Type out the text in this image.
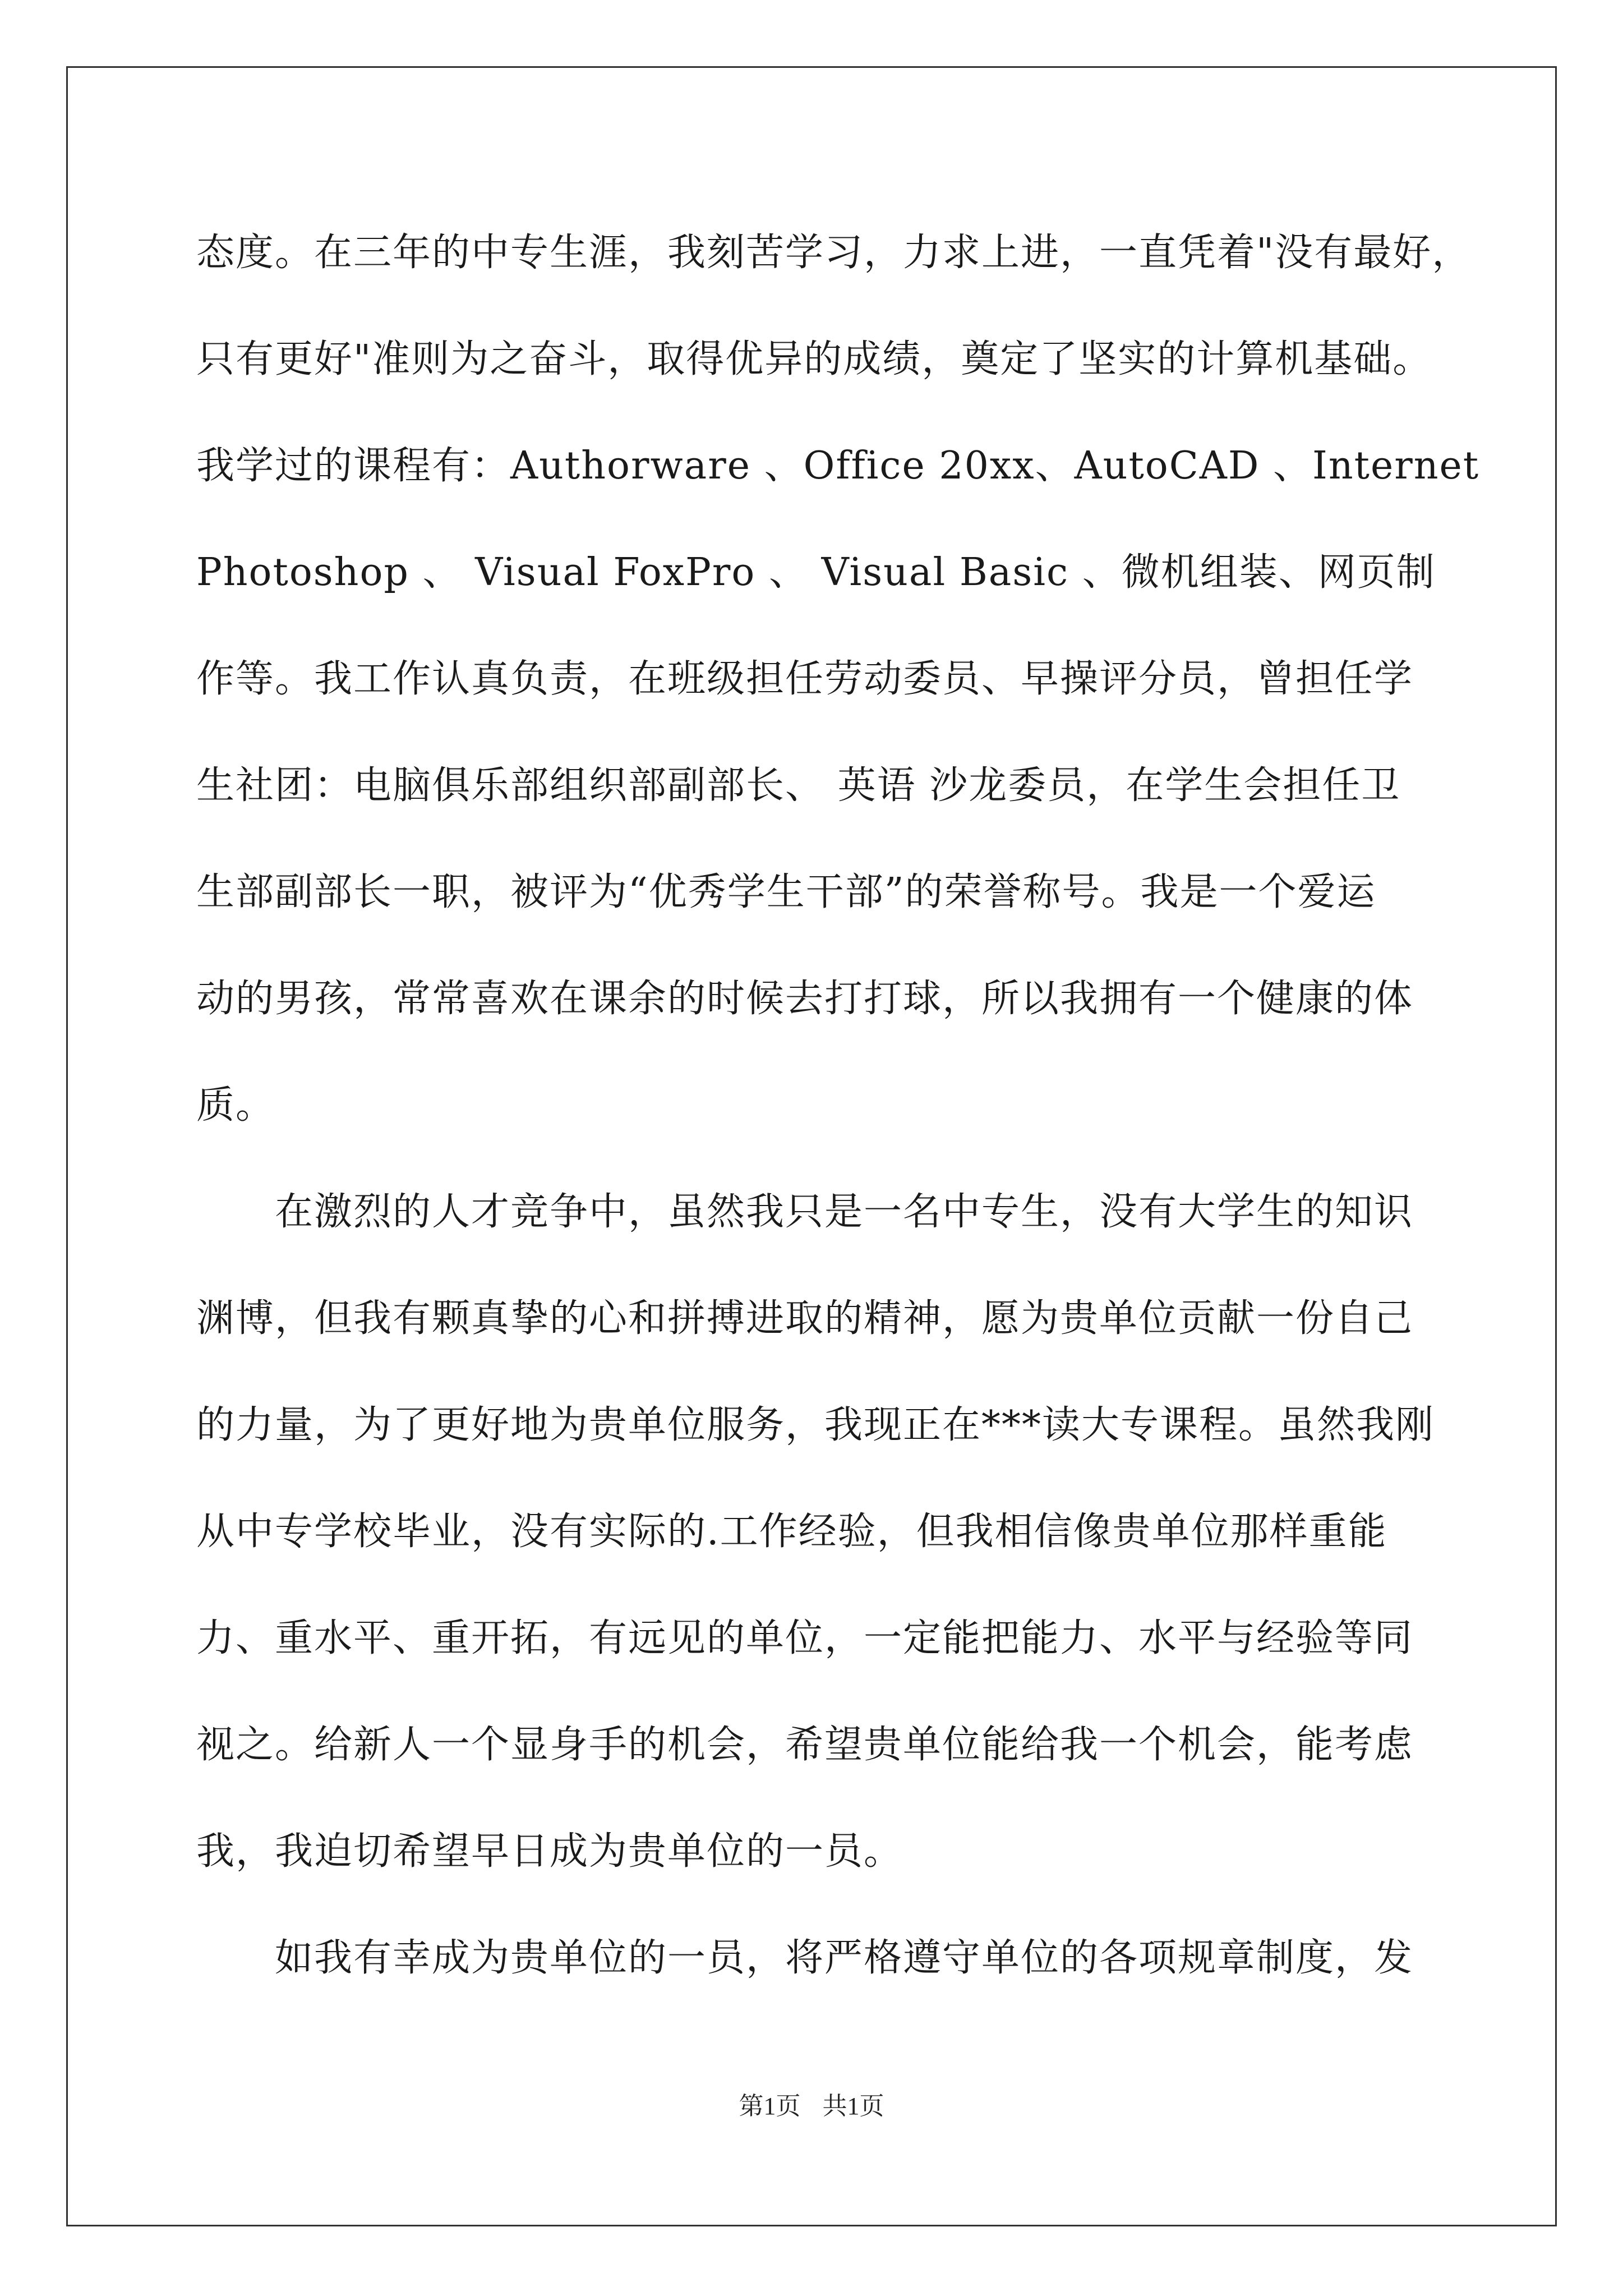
态度。在三年的中专生涯，我刻苦学习，力求上进，一直凭着"没有最好，
只有更好"准则为之奋斗，取得优异的成绩，奠定了坚实的计算机基础。
我学过的课程有：Authorware 、Office 20xx、AutoCAD 、Internet
Photoshop 、 Visual FoxPro 、 Visual Basic 、微机组装、网页制
作等。我工作认真负责，在班级担任劳动委员、早操评分员，曾担任学
生社团：电脑俱乐部组织部副部长、 英语 沙龙委员，在学生会担任卫
生部副部长一职，被评为“优秀学生干部”的荣誉称号。我是一个爱运
动的男孩，常常喜欢在课余的时候去打打球，所以我拥有一个健康的体
质。
在激烈的人才竞争中，虽然我只是一名中专生，没有大学生的知识
渊博，但我有颗真挚的心和拼搏进取的精神，愿为贵单位贡献一份自己
的力量，为了更好地为贵单位服务，我现正在***读大专课程。虽然我刚
从中专学校毕业，没有实际的.工作经验，但我相信像贵单位那样重能
力、重水平、重开拓，有远见的单位，一定能把能力、水平与经验等同
视之。给新人一个显身手的机会，希望贵单位能给我一个机会，能考虑
我，我迫切希望早日成为贵单位的一员。
如我有幸成为贵单位的一员，将严格遵守单位的各项规章制度，发
第1页 共1页
